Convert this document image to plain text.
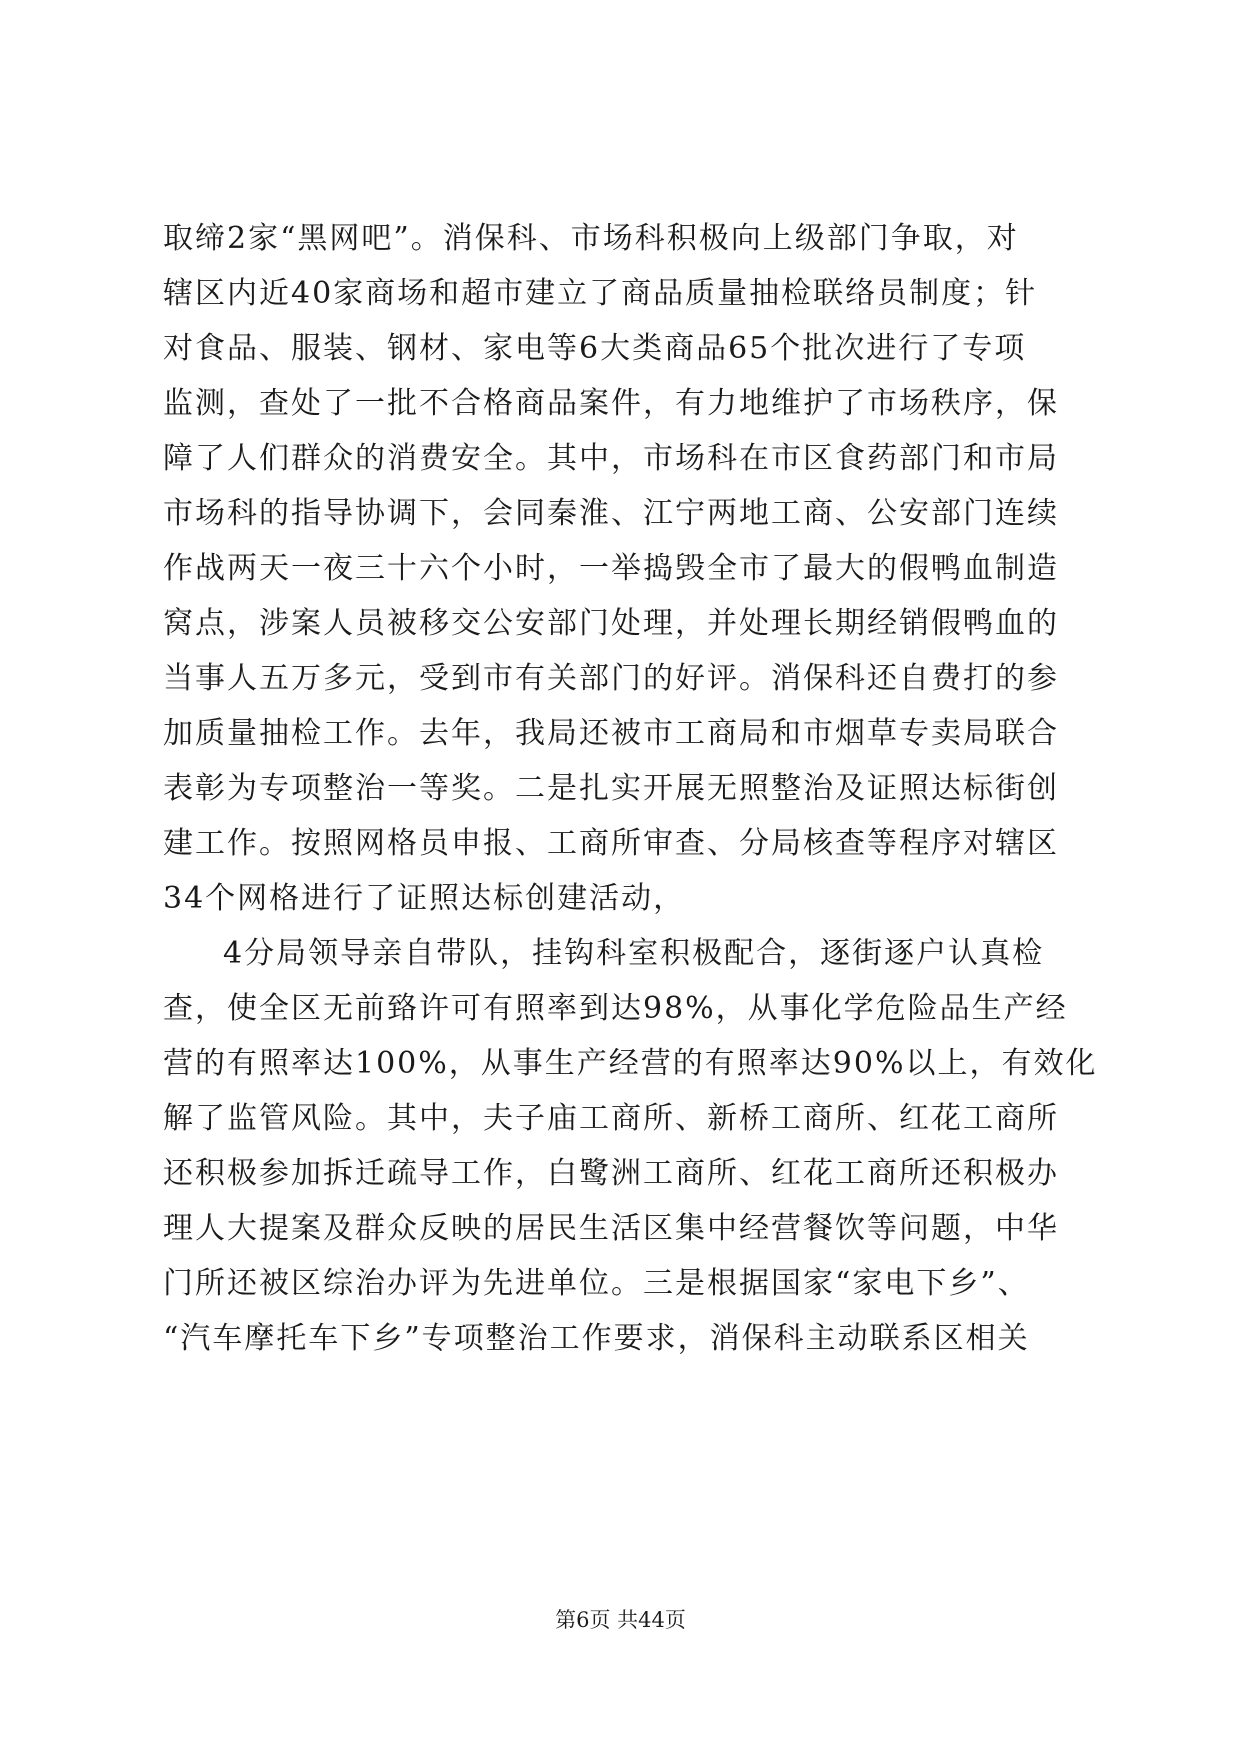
取缔2家“黑网吧”。消保科、市场科积极向上级部门争取，对
辖区内近40家商场和超市建立了商品质量抽检联络员制度；针
对食品、服装、钢材、家电等6大类商品65个批次进行了专项
监测，查处了一批不合格商品案件，有力地维护了市场秩序，保
障了人们群众的消费安全。其中，市场科在市区食药部门和市局
市场科的指导协调下，会同秦淮、江宁两地工商、公安部门连续
作战两天一夜三十六个小时，一举捣毁全市了最大的假鸭血制造
窝点，涉案人员被移交公安部门处理，并处理长期经销假鸭血的
当事人五万多元，受到市有关部门的好评。消保科还自费打的参
加质量抽检工作。去年，我局还被市工商局和市烟草专卖局联合
表彰为专项整治一等奖。二是扎实开展无照整治及证照达标街创
建工作。按照网格员申报、工商所审查、分局核查等程序对辖区
34个网格进行了证照达标创建活动，
4分局领导亲自带队，挂钩科室积极配合，逐街逐户认真检
查，使全区无前臵许可有照率到达98%，从事化学危险品生产经
营的有照率达100%，从事生产经营的有照率达90%以上，有效化
解了监管风险。其中，夫子庙工商所、新桥工商所、红花工商所
还积极参加拆迁疏导工作，白鹭洲工商所、红花工商所还积极办
理人大提案及群众反映的居民生活区集中经营餐饮等问题，中华
门所还被区综治办评为先进单位。三是根据国家“家电下乡”、
“汽车摩托车下乡”专项整治工作要求，消保科主动联系区相关
第6页 共44页
